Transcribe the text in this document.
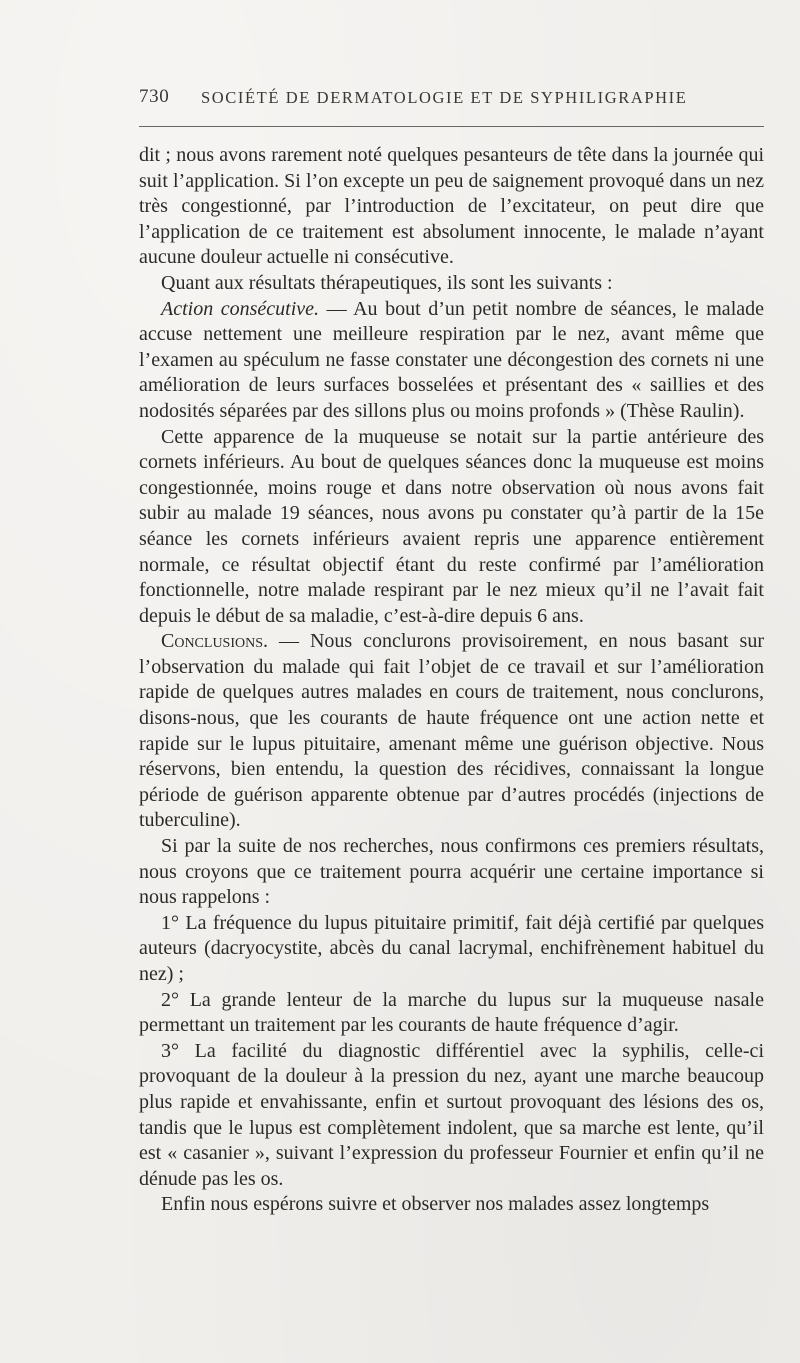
730 SOCIÉTÉ DE DERMATOLOGIE ET DE SYPHILIGRAPHIE

dit ; nous avons rarement noté quelques pesanteurs de tête dans la journée qui suit l’application. Si l’on excepte un peu de saignement provoqué dans un nez très congestionné, par l’introduction de l’excitateur, on peut dire que l’application de ce traitement est absolument innocente, le malade n’ayant aucune douleur actuelle ni consécutive.

Quant aux résultats thérapeutiques, ils sont les suivants :

Action consécutive. — Au bout d’un petit nombre de séances, le malade accuse nettement une meilleure respiration par le nez, avant même que l’examen au spéculum ne fasse constater une décongestion des cornets ni une amélioration de leurs surfaces bosselées et présentant des « saillies et des nodosités séparées par des sillons plus ou moins profonds » (Thèse Raulin).

Cette apparence de la muqueuse se notait sur la partie antérieure des cornets inférieurs. Au bout de quelques séances donc la muqueuse est moins congestionnée, moins rouge et dans notre observation où nous avons fait subir au malade 19 séances, nous avons pu constater qu’à partir de la 15e séance les cornets inférieurs avaient repris une apparence entièrement normale, ce résultat objectif étant du reste confirmé par l’amélioration fonctionnelle, notre malade respirant par le nez mieux qu’il ne l’avait fait depuis le début de sa maladie, c’est-à-dire depuis 6 ans.

Conclusions. — Nous conclurons provisoirement, en nous basant sur l’observation du malade qui fait l’objet de ce travail et sur l’amélioration rapide de quelques autres malades en cours de traitement, nous conclurons, disons-nous, que les courants de haute fréquence ont une action nette et rapide sur le lupus pituitaire, amenant même une guérison objective. Nous réservons, bien entendu, la question des récidives, connaissant la longue période de guérison apparente obtenue par d’autres procédés (injections de tuberculine).

Si par la suite de nos recherches, nous confirmons ces premiers résultats, nous croyons que ce traitement pourra acquérir une certaine importance si nous rappelons :

1° La fréquence du lupus pituitaire primitif, fait déjà certifié par quelques auteurs (dacryocystite, abcès du canal lacrymal, enchifrènement habituel du nez) ;

2° La grande lenteur de la marche du lupus sur la muqueuse nasale permettant un traitement par les courants de haute fréquence d’agir.

3° La facilité du diagnostic différentiel avec la syphilis, celle-ci provoquant de la douleur à la pression du nez, ayant une marche beaucoup plus rapide et envahissante, enfin et surtout provoquant des lésions des os, tandis que le lupus est complètement indolent, que sa marche est lente, qu’il est « casanier », suivant l’expression du professeur Fournier et enfin qu’il ne dénude pas les os.

Enfin nous espérons suivre et observer nos malades assez longtemps
